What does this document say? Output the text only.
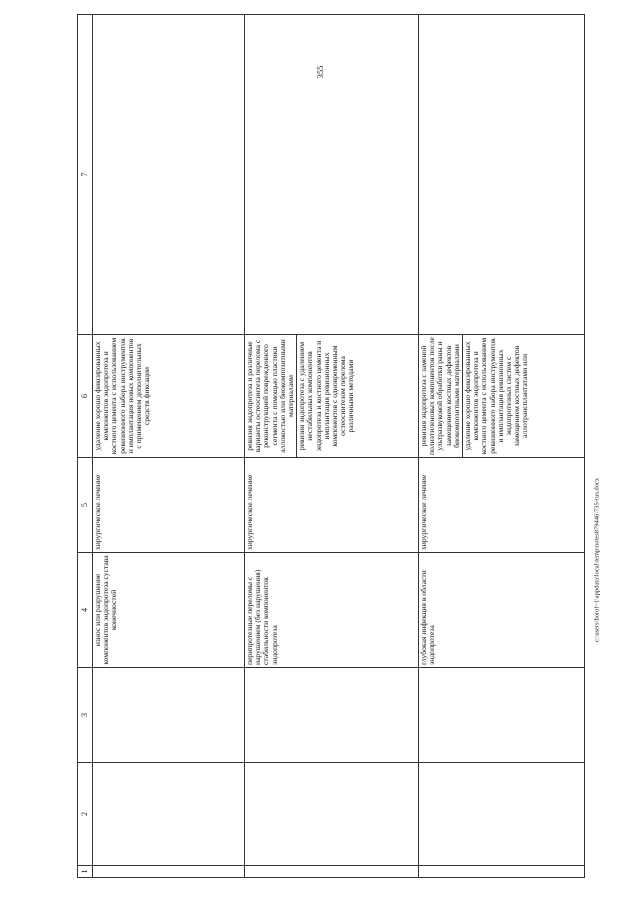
355
1	2	3	4	5	6	7
			износ или разрушение компонентов эндопротеза сустава конечностей	хирургическое лечение	удаление хорошо фиксированных компонентов эндопротеза и костного цемента с использованием ревизионного набора инструментов и имплантация новых компонентов с применением дополнительных средств фиксации	

			перипротезные переломы с нарушением (без нарушения) стабильности компонентов эндопротеза	хирургическое лечение	ревизия эндопротеза и различные варианты остеосинтеза перелома с реконструкцией поврежденного сегмента с помощью пластики аллокостью или биокомпозитными материалами ревизия эндопротеза с удалением нестабильных компонентов эндопротеза и костного цемента и имплантация ревизионных компонентов с одновременным остеосинтезом перелома различными методами	

			глубокая инфекция в области эндопротеза	хирургическое лечение	ревизия эндопротеза с заменой полиэтиленовых компонентов после ультразвуковой обработки раны и замещением костных дефектов биокомпозитными материалами удаление хорошо фиксированных компонентов эндопротеза и костного цемента с использованием ревизионного набора инструментов и имплантация ревизионных эндопротезных систем с замещением костных дефектов аллотрансплантатами или	

c:\users\borol~1\appdata\local\temp\notes879446\735-rus.docx
